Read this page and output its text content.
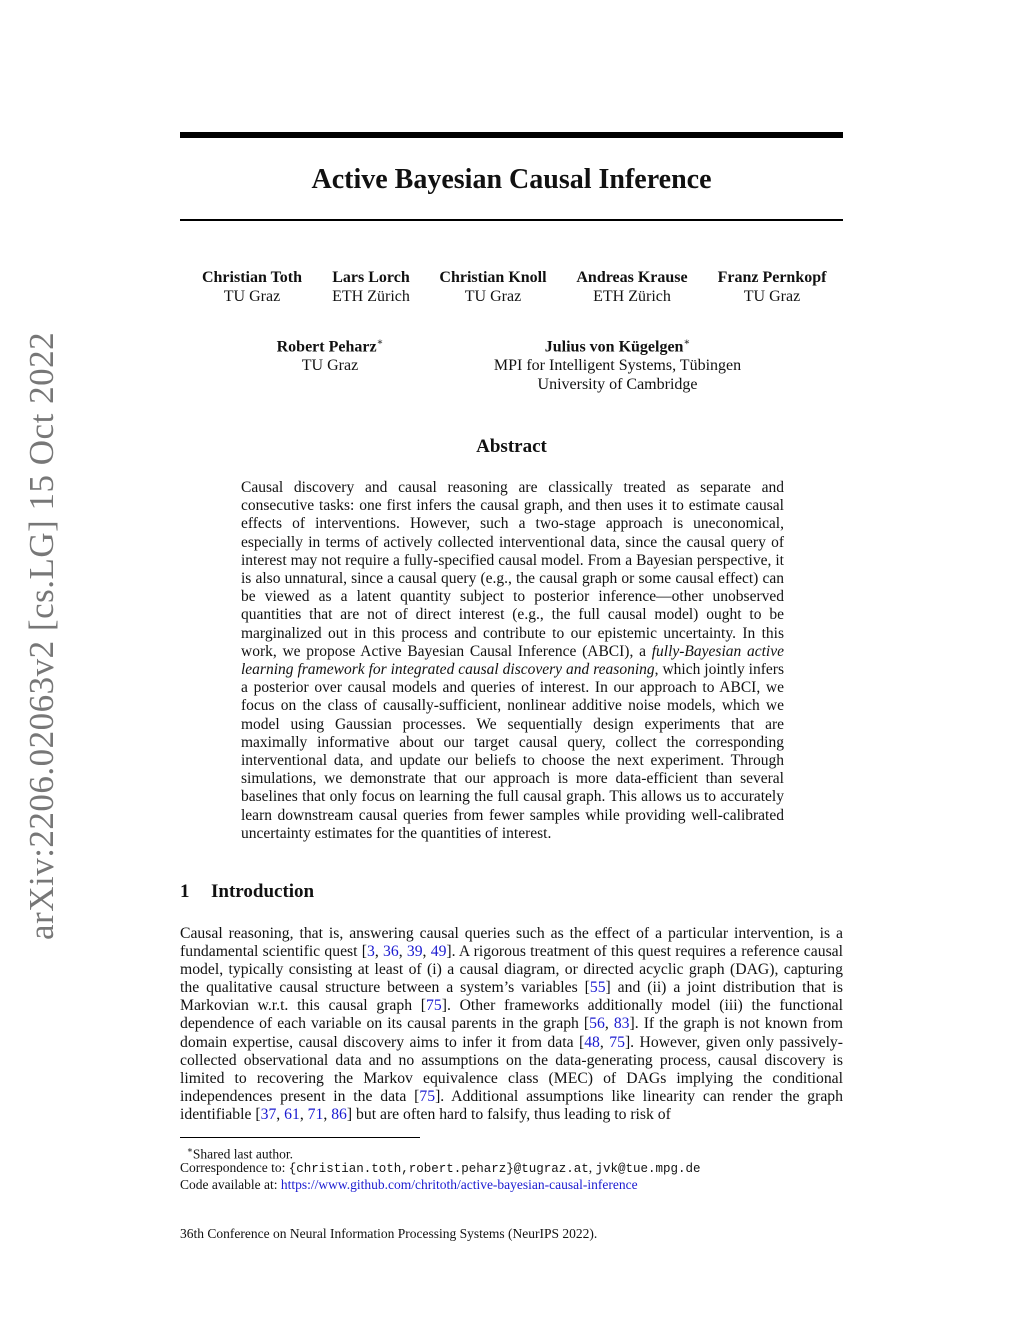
arXiv:2206.02063v2 [cs.LG] 15 Oct 2022
Active Bayesian Causal Inference
Christian Toth
TU Graz
Lars Lorch
ETH Zürich
Christian Knoll
TU Graz
Andreas Krause
ETH Zürich
Franz Pernkopf
TU Graz
Robert Peharz∗
TU Graz
Julius von Kügelgen∗
MPI for Intelligent Systems, Tübingen
University of Cambridge
Abstract
Causal discovery and causal reasoning are classically treated as separate and consecutive tasks: one first infers the causal graph, and then uses it to estimate causal effects of interventions. However, such a two-stage approach is uneconomical, especially in terms of actively collected interventional data, since the causal query of interest may not require a fully-specified causal model. From a Bayesian perspective, it is also unnatural, since a causal query (e.g., the causal graph or some causal effect) can be viewed as a latent quantity subject to posterior inference—other unobserved quantities that are not of direct interest (e.g., the full causal model) ought to be marginalized out in this process and contribute to our epistemic uncertainty. In this work, we propose Active Bayesian Causal Inference (ABCI), a fully-Bayesian active learning framework for integrated causal discovery and reasoning, which jointly infers a posterior over causal models and queries of interest. In our approach to ABCI, we focus on the class of causally-sufficient, nonlinear additive noise models, which we model using Gaussian processes. We sequentially design experiments that are maximally informative about our target causal query, collect the corresponding interventional data, and update our beliefs to choose the next experiment. Through simulations, we demonstrate that our approach is more data-efficient than several baselines that only focus on learning the full causal graph. This allows us to accurately learn downstream causal queries from fewer samples while providing well-calibrated uncertainty estimates for the quantities of interest.
1 Introduction
Causal reasoning, that is, answering causal queries such as the effect of a particular intervention, is a fundamental scientific quest [3, 36, 39, 49]. A rigorous treatment of this quest requires a reference causal model, typically consisting at least of (i) a causal diagram, or directed acyclic graph (DAG), capturing the qualitative causal structure between a system’s variables [55] and (ii) a joint distribution that is Markovian w.r.t. this causal graph [75]. Other frameworks additionally model (iii) the functional dependence of each variable on its causal parents in the graph [56, 83]. If the graph is not known from domain expertise, causal discovery aims to infer it from data [48, 75]. However, given only passively-collected observational data and no assumptions on the data-generating process, causal discovery is limited to recovering the Markov equivalence class (MEC) of DAGs implying the conditional independences present in the data [75]. Additional assumptions like linearity can render the graph identifiable [37, 61, 71, 86] but are often hard to falsify, thus leading to risk of
∗Shared last author.
Correspondence to: {christian.toth,robert.peharz}@tugraz.at, jvk@tue.mpg.de
Code available at: https://www.github.com/chritoth/active-bayesian-causal-inference
36th Conference on Neural Information Processing Systems (NeurIPS 2022).
